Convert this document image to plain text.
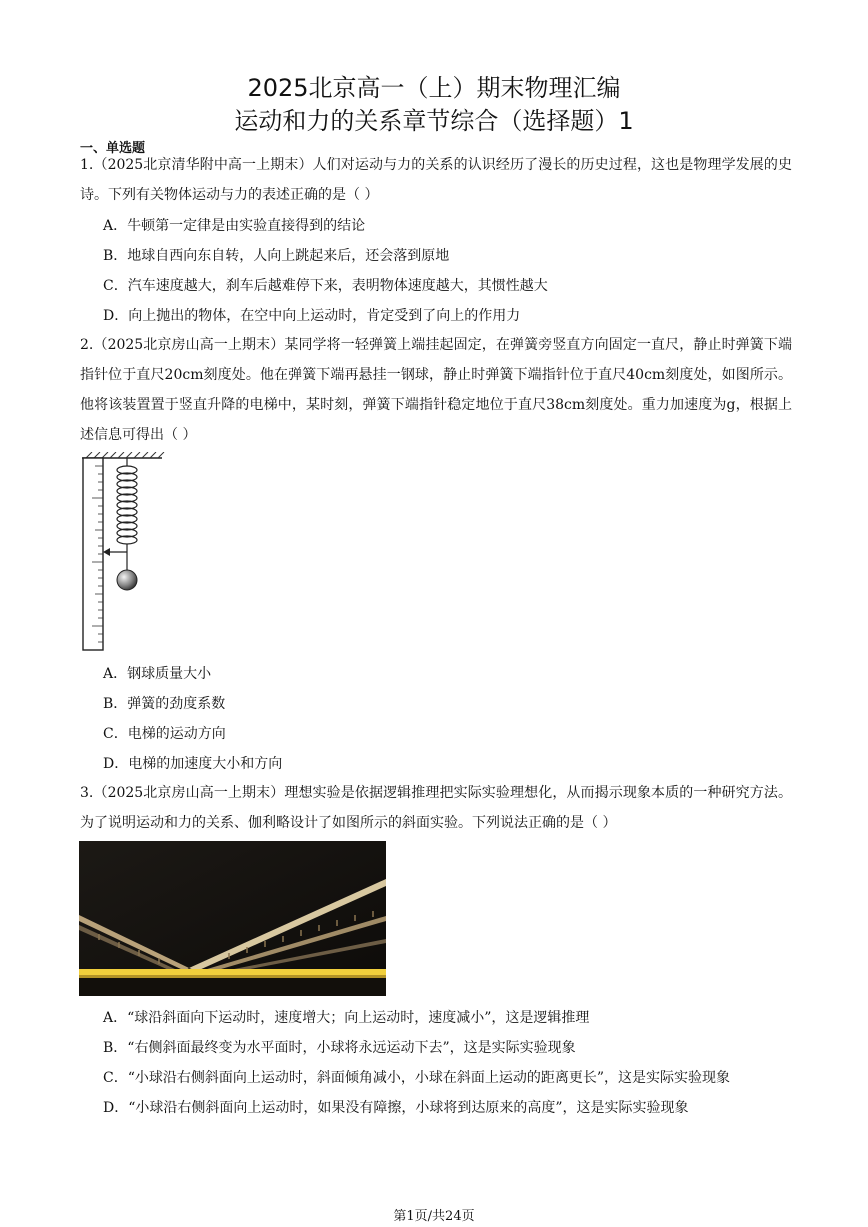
2025北京高一（上）期末物理汇编
运动和力的关系章节综合（选择题）1
一、单选题
1.（2025北京清华附中高一上期末）人们对运动与力的关系的认识经历了漫长的历史过程，这也是物理学发展的史诗。下列有关物体运动与力的表述正确的是（ ）
A．牛顿第一定律是由实验直接得到的结论
B．地球自西向东自转，人向上跳起来后，还会落到原地
C．汽车速度越大，刹车后越难停下来，表明物体速度越大，其惯性越大
D．向上抛出的物体，在空中向上运动时，肯定受到了向上的作用力
2.（2025北京房山高一上期末）某同学将一轻弹簧上端挂起固定，在弹簧旁竖直方向固定一直尺，静止时弹簧下端指针位于直尺20cm刻度处。他在弹簧下端再悬挂一钢球，静止时弹簧下端指针位于直尺40cm刻度处，如图所示。他将该装置置于竖直升降的电梯中，某时刻，弹簧下端指针稳定地位于直尺38cm刻度处。重力加速度为g，根据上述信息可得出（ ）
A．钢球质量大小
B．弹簧的劲度系数
C．电梯的运动方向
D．电梯的加速度大小和方向
3.（2025北京房山高一上期末）理想实验是依据逻辑推理把实际实验理想化，从而揭示现象本质的一种研究方法。为了说明运动和力的关系、伽利略设计了如图所示的斜面实验。下列说法正确的是（ ）
A．“球沿斜面向下运动时，速度增大；向上运动时，速度减小”，这是逻辑推理
B．“右侧斜面最终变为水平面时，小球将永远运动下去”，这是实际实验现象
C．“小球沿右侧斜面向上运动时，斜面倾角减小，小球在斜面上运动的距离更长”，这是实际实验现象
D．“小球沿右侧斜面向上运动时，如果没有障擦，小球将到达原来的高度”，这是实际实验现象
第1页/共24页
